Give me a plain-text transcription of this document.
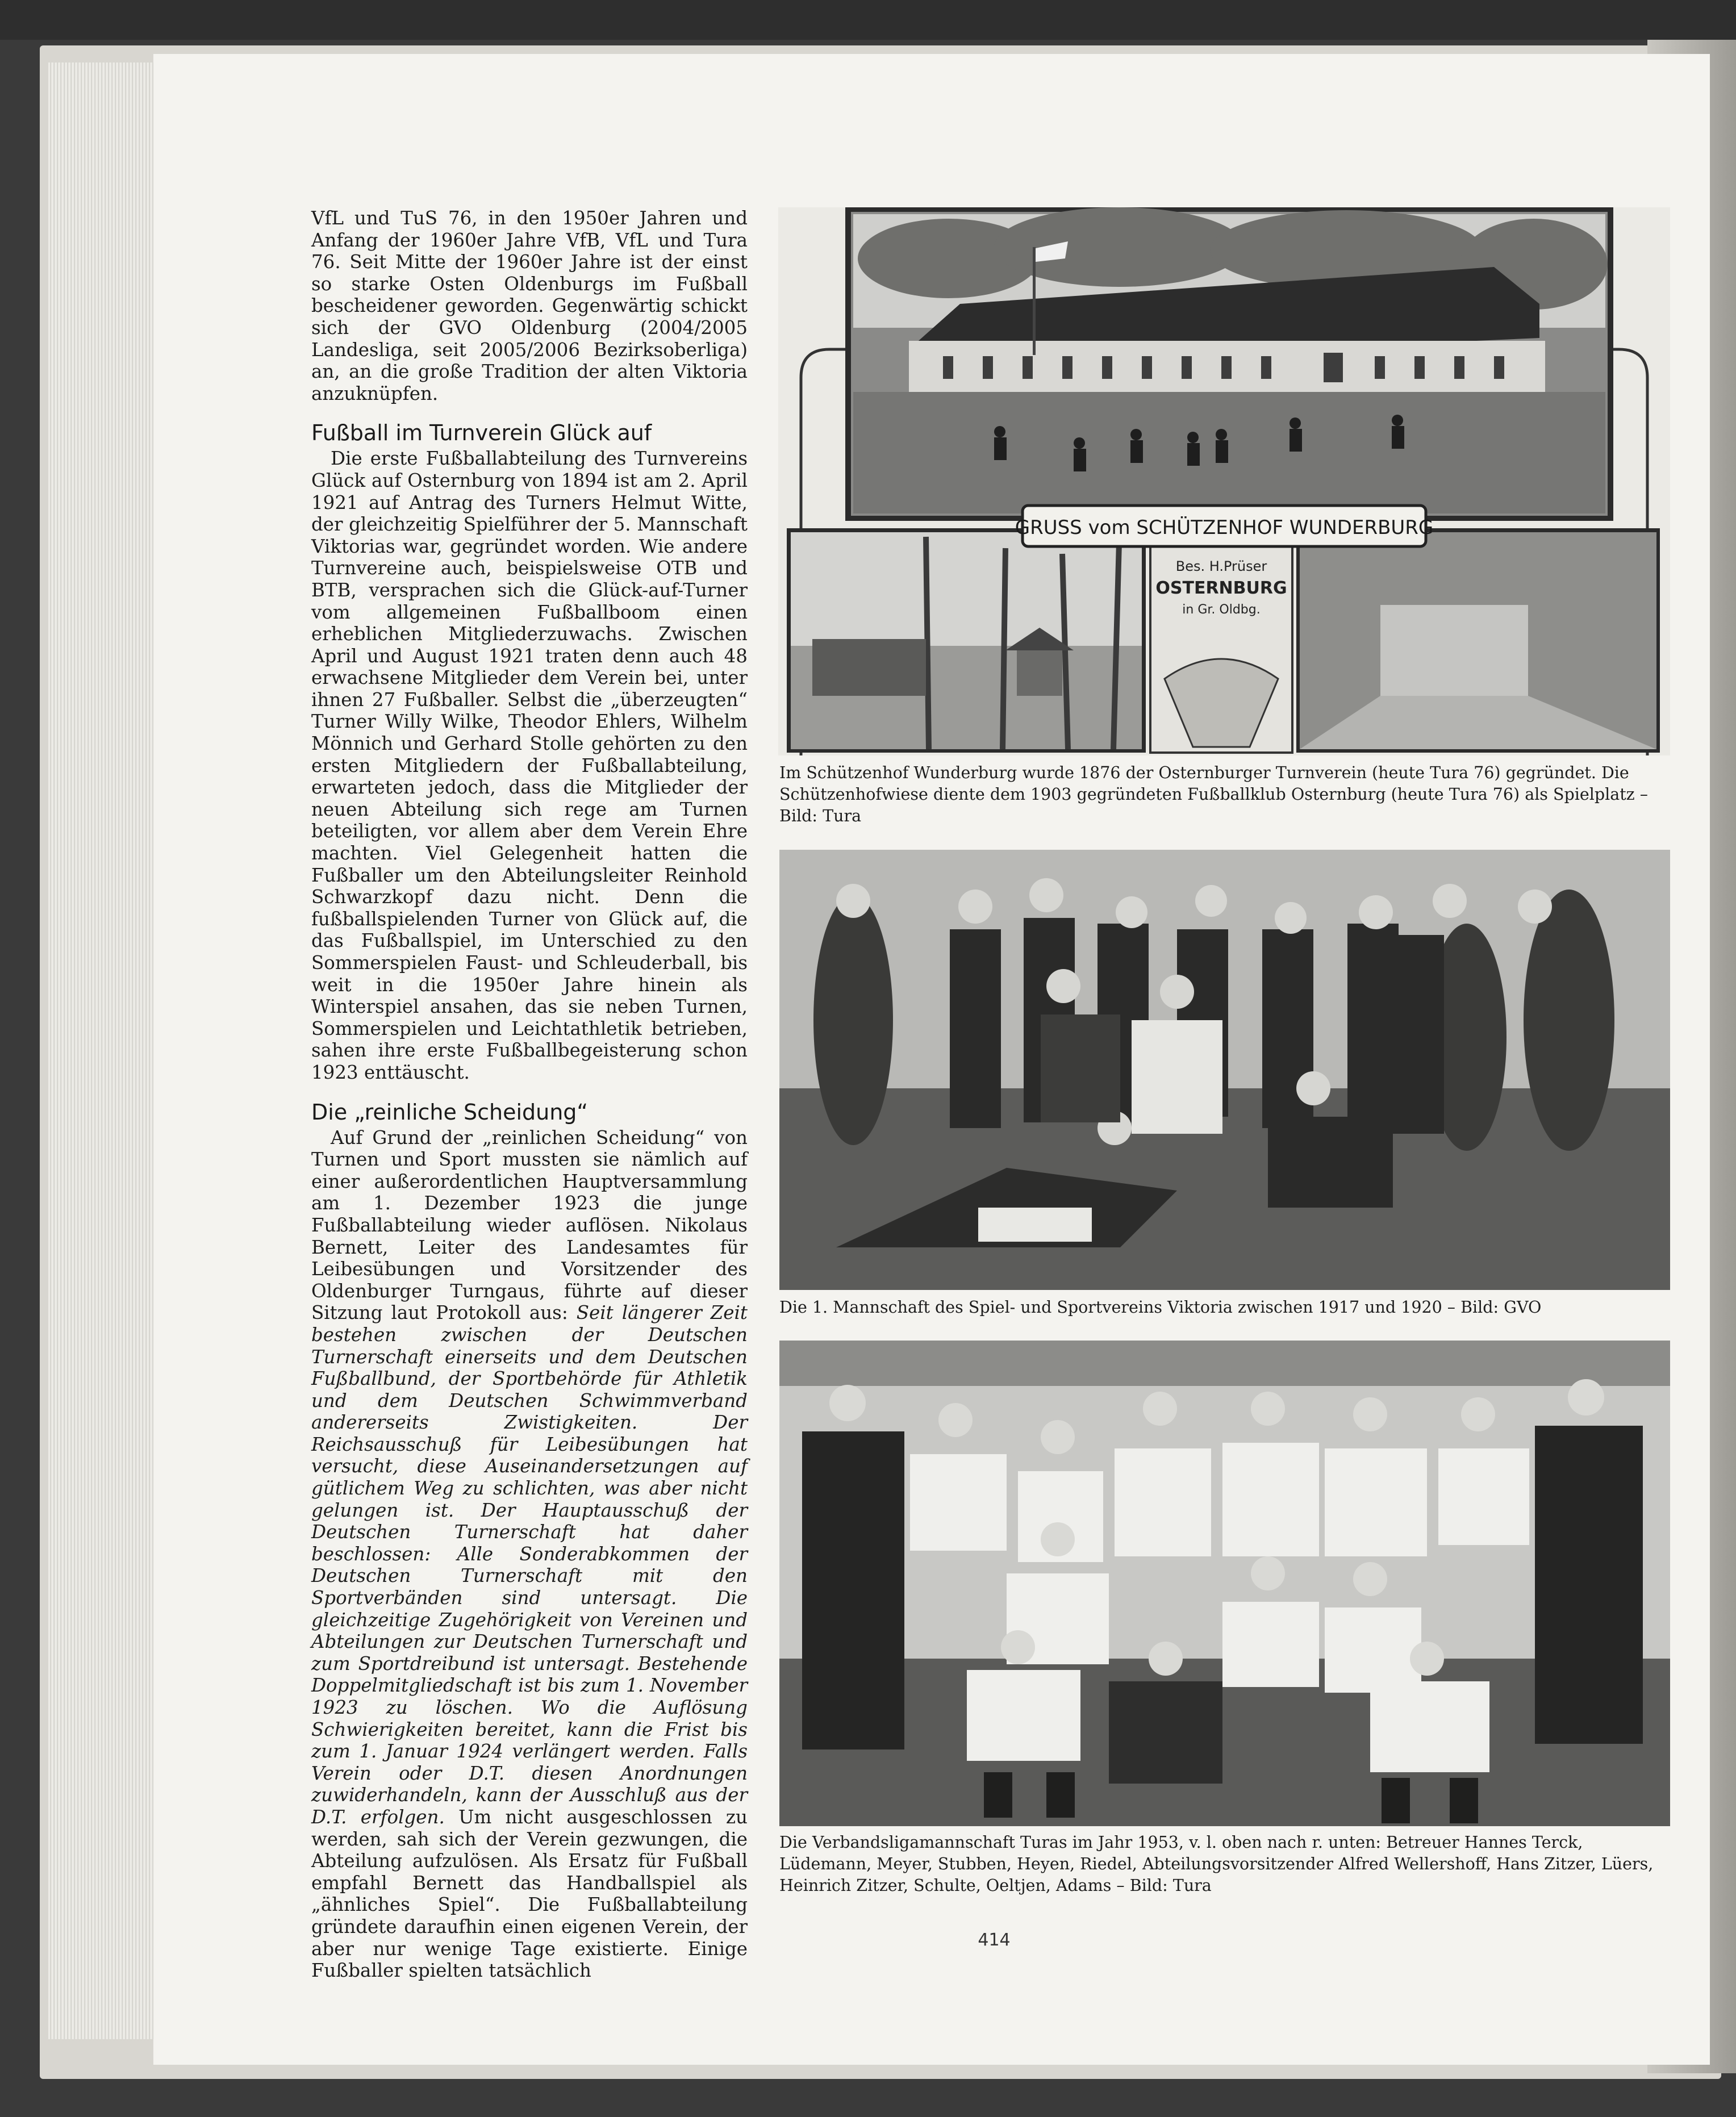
VfL und TuS 76, in den 1950er Jahren und Anfang der 1960er Jahre VfB, VfL und Tura 76. Seit Mitte der 1960er Jahre ist der einst so starke Osten Oldenburgs im Fußball bescheidener geworden. Gegenwärtig schickt sich der GVO Oldenburg (2004/2005 Landesliga, seit 2005/2006 Bezirksoberliga) an, an die große Tradition der alten Viktoria anzuknüpfen.

Fußball im Turnverein Glück auf

Die erste Fußballabteilung des Turnvereins Glück auf Osternburg von 1894 ist am 2. April 1921 auf Antrag des Turners Helmut Witte, der gleichzeitig Spielführer der 5. Mannschaft Viktorias war, gegründet worden. Wie andere Turnvereine auch, beispielsweise OTB und BTB, versprachen sich die Glück-auf-Turner vom allgemeinen Fußballboom einen erheblichen Mitgliederzuwachs. Zwischen April und August 1921 traten denn auch 48 erwachsene Mitglieder dem Verein bei, unter ihnen 27 Fußballer. Selbst die „überzeugten“ Turner Willy Wilke, Theodor Ehlers, Wilhelm Mönnich und Gerhard Stolle gehörten zu den ersten Mitgliedern der Fußballabteilung, erwarteten jedoch, dass die Mitglieder der neuen Abteilung sich rege am Turnen beteiligten, vor allem aber dem Verein Ehre machten. Viel Gelegenheit hatten die Fußballer um den Abteilungsleiter Reinhold Schwarzkopf dazu nicht. Denn die fußballspielenden Turner von Glück auf, die das Fußballspiel, im Unterschied zu den Sommerspielen Faust- und Schleuderball, bis weit in die 1950er Jahre hinein als Winterspiel ansahen, das sie neben Turnen, Sommerspielen und Leichtathletik betrieben, sahen ihre erste Fußballbegeisterung schon 1923 enttäuscht.

Die „reinliche Scheidung“

Auf Grund der „reinlichen Scheidung“ von Turnen und Sport mussten sie nämlich auf einer außerordentlichen Hauptversammlung am 1. Dezember 1923 die junge Fußballabteilung wieder auflösen. Nikolaus Bernett, Leiter des Landesamtes für Leibesübungen und Vorsitzender des Oldenburger Turngaus, führte auf dieser Sitzung laut Protokoll aus: Seit längerer Zeit bestehen zwischen der Deutschen Turnerschaft einerseits und dem Deutschen Fußballbund, der Sportbehörde für Athletik und dem Deutschen Schwimmverband andererseits Zwistigkeiten. Der Reichsausschuß für Leibesübungen hat versucht, diese Auseinandersetzungen auf gütlichem Weg zu schlichten, was aber nicht gelungen ist. Der Hauptausschuß der Deutschen Turnerschaft hat daher beschlossen: Alle Sonderabkommen der Deutschen Turnerschaft mit den Sportverbänden sind untersagt. Die gleichzeitige Zugehörigkeit von Vereinen und Abteilungen zur Deutschen Turnerschaft und zum Sportdreibund ist untersagt. Bestehende Doppelmitgliedschaft ist bis zum 1. November 1923 zu löschen. Wo die Auflösung Schwierigkeiten bereitet, kann die Frist bis zum 1. Januar 1924 verlängert werden. Falls Verein oder D.T. diesen Anordnungen zuwiderhandeln, kann der Ausschluß aus der D.T. erfolgen. Um nicht ausgeschlossen zu werden, sah sich der Verein gezwungen, die Abteilung aufzulösen. Als Ersatz für Fußball empfahl Bernett das Handballspiel als „ähnliches Spiel“. Die Fußballabteilung gründete daraufhin einen eigenen Verein, der aber nur wenige Tage existierte. Einige Fußballer spielten tatsächlich

Bes. H.Prüser
OSTERNBURG
in Gr. Oldbg.
GRUSS vom SCHÜTZENHOF WUNDERBURG
Im Schützenhof Wunderburg wurde 1876 der Osternburger Turnverein (heute Tura 76) gegründet. Die Schützenhofwiese diente dem 1903 gegründeten Fußballklub Osternburg (heute Tura 76) als Spielplatz – Bild: Tura
Die 1. Mannschaft des Spiel- und Sportvereins Viktoria zwischen 1917 und 1920 – Bild: GVO
Die Verbandsligamannschaft Turas im Jahr 1953, v. l. oben nach r. unten: Betreuer Hannes Terck, Lüdemann, Meyer, Stubben, Heyen, Riedel, Abteilungsvorsitzender Alfred Wellershoff, Hans Zitzer, Lüers, Heinrich Zitzer, Schulte, Oeltjen, Adams – Bild: Tura
414
